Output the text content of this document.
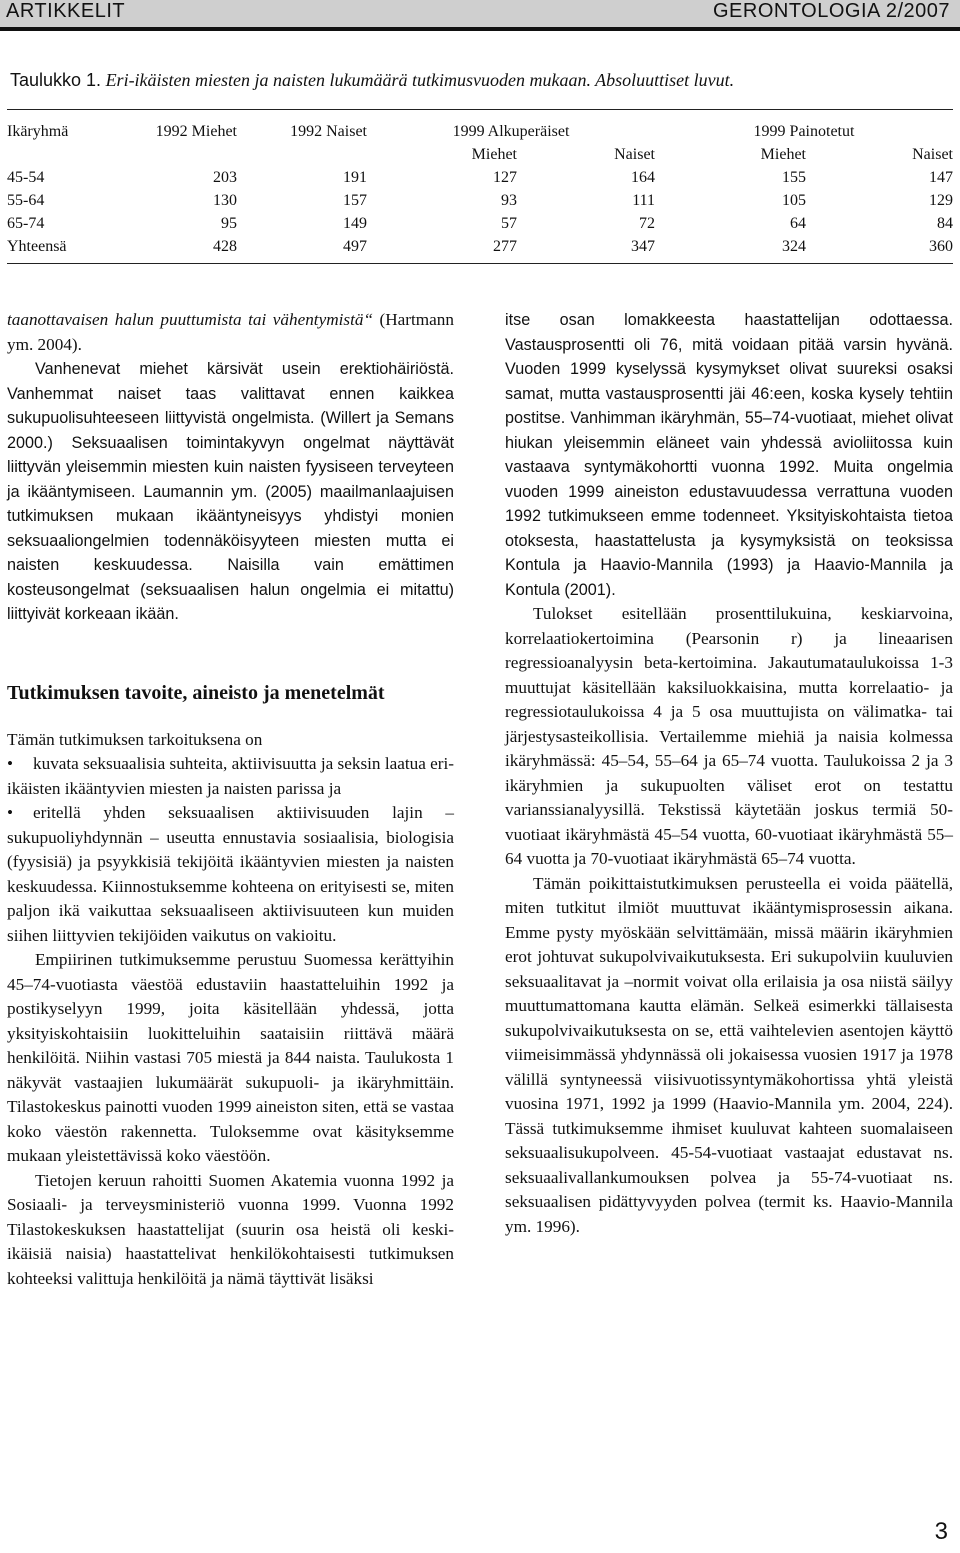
ARTIKKELIT	GERONTOLOGIA 2/2007
Taulukko 1. Eri-ikäisten miesten ja naisten lukumäärä tutkimusvuoden mukaan. Absoluuttiset luvut.
Ikäryhmä	1992 Miehet	1992 Naiset	1999 Alkuperäiset		1999 Painotetut	
			Miehet	Naiset	Miehet	Naiset
45-54	203	191	127	164	155	147
55-64	130	157	93	111	105	129
65-74	95	149	57	72	64	84
Yhteensä	428	497	277	347	324	360

taanottavaisen halun puuttumista tai vähentymistä“ (Hartmann ym. 2004).

Vanhenevat miehet kärsivät usein erektiohäiriöstä. Vanhemmat naiset taas valittavat ennen kaikkea sukupuolisuhteeseen liittyvistä ongelmista. (Willert ja Semans 2000.) Seksuaalisen toimintakyvyn ongelmat näyttävät liittyvän yleisemmin miesten kuin naisten fyysiseen terveyteen ja ikääntymiseen. Laumannin ym. (2005) maailmanlaajuisen tutkimuksen mukaan ikääntyneisyys yhdistyi monien seksuaaliongelmien todennäköisyyteen miesten mutta ei naisten keskuudessa. Naisilla vain emättimen kosteusongelmat (seksuaalisen halun ongelmia ei mitattu) liittyivät korkeaan ikään.

Tutkimuksen tavoite, aineisto ja menetelmät

Tämän tutkimuksen tarkoituksena on

•	kuvata seksuaalisia suhteita, aktiivisuutta ja seksin laatua eri-ikäisten ikääntyvien miesten ja naisten parissa ja
•	eritellä yhden seksuaalisen aktiivisuuden lajin – sukupuoliyhdynnän – useutta ennustavia sosiaalisia, biologisia (fyysisiä) ja psyykkisiä tekijöitä ikääntyvien miesten ja naisten keskuudessa. Kiinnostuksemme kohteena on erityisesti se, miten paljon ikä vaikuttaa seksuaaliseen aktiivisuuteen kun muiden siihen liittyvien tekijöiden vaikutus on vakioitu.

Empiirinen tutkimuksemme perustuu Suomessa kerättyihin 45–74-vuotiasta väestöä edustaviin haastatteluihin 1992 ja postikyselyyn 1999, joita käsitellään yhdessä, jotta yksityiskohtaisiin luokitteluihin saataisiin riittävä määrä henkilöitä. Niihin vastasi 705 miestä ja 844 naista. Taulukosta 1 näkyvät vastaajien lukumäärät sukupuoli- ja ikäryhmittäin. Tilastokeskus painotti vuoden 1999 aineiston siten, että se vastaa koko väestön rakennetta. Tuloksemme ovat käsityksemme mukaan yleistettävissä koko väestöön.

Tietojen keruun rahoitti Suomen Akatemia vuonna 1992 ja Sosiaali- ja terveysministeriö vuonna 1999. Vuonna 1992 Tilastokeskuksen haastattelijat (suurin osa heistä oli keski-ikäisiä naisia) haastattelivat henkilökohtaisesti tutkimuksen kohteeksi valittuja henkilöitä ja nämä täyttivät lisäksi

itse osan lomakkeesta haastattelijan odottaessa. Vastausprosentti oli 76, mitä voidaan pitää varsin hyvänä. Vuoden 1999 kyselyssä kysymykset olivat suureksi osaksi samat, mutta vastausprosentti jäi 46:een, koska kysely tehtiin postitse. Vanhimman ikäryhmän, 55–74-vuotiaat, miehet olivat hiukan yleisemmin eläneet vain yhdessä avioliitossa kuin vastaava syntymäkohortti vuonna 1992. Muita ongelmia vuoden 1999 aineiston edustavuudessa verrattuna vuoden 1992 tutkimukseen emme todenneet. Yksityiskohtaista tietoa otoksesta, haastattelusta ja kysymyksistä on teoksissa Kontula ja Haavio-Mannila (1993) ja Haavio-Mannila ja Kontula (2001).

Tulokset esitellään prosenttilukuina, keskiarvoina, korrelaatiokertoimina (Pearsonin r) ja lineaarisen regressioanalyysin beta-kertoimina. Jakautumataulukoissa 1-3 muuttujat käsitellään kaksiluokkaisina, mutta korrelaatio- ja regressiotaulukoissa 4 ja 5 osa muuttujista on välimatka- tai järjestysasteikollisia. Vertailemme miehiä ja naisia kolmessa ikäryhmässä: 45–54, 55–64 ja 65–74 vuotta. Taulukoissa 2 ja 3 ikäryhmien ja sukupuolten väliset erot on testattu varianssianalyysillä. Tekstissä käytetään joskus termiä 50-vuotiaat ikäryhmästä 45–54 vuotta, 60-vuotiaat ikäryhmästä 55–64 vuotta ja 70-vuotiaat ikäryhmästä 65–74 vuotta.

Tämän poikittaistutkimuksen perusteella ei voida päätellä, miten tutkitut ilmiöt muuttuvat ikääntymisprosessin aikana. Emme pysty myöskään selvittämään, missä määrin ikäryhmien erot johtuvat sukupolvivaikutuksesta. Eri sukupolviin kuuluvien seksuaalitavat ja –normit voivat olla erilaisia ja osa niistä säilyy muuttumattomana kautta elämän. Selkeä esimerkki tällaisesta sukupolvivaikutuksesta on se, että vaihtelevien asentojen käyttö viimeisimmässä yhdynnässä oli jokaisessa vuosien 1917 ja 1978 välillä syntyneessä viisivuotissyntymäkohortissa yhtä yleistä vuosina 1971, 1992 ja 1999 (Haavio-Mannila ym. 2004, 224). Tässä tutkimuksemme ihmiset kuuluvat kahteen suomalaiseen seksuaalisukupolveen. 45-54-vuotiaat vastaajat edustavat ns. seksuaalivallankumouksen polvea ja 55-74-vuotiaat ns. seksuaalisen pidättyvyyden polvea (termit ks. Haavio-Mannila ym. 1996).

3
